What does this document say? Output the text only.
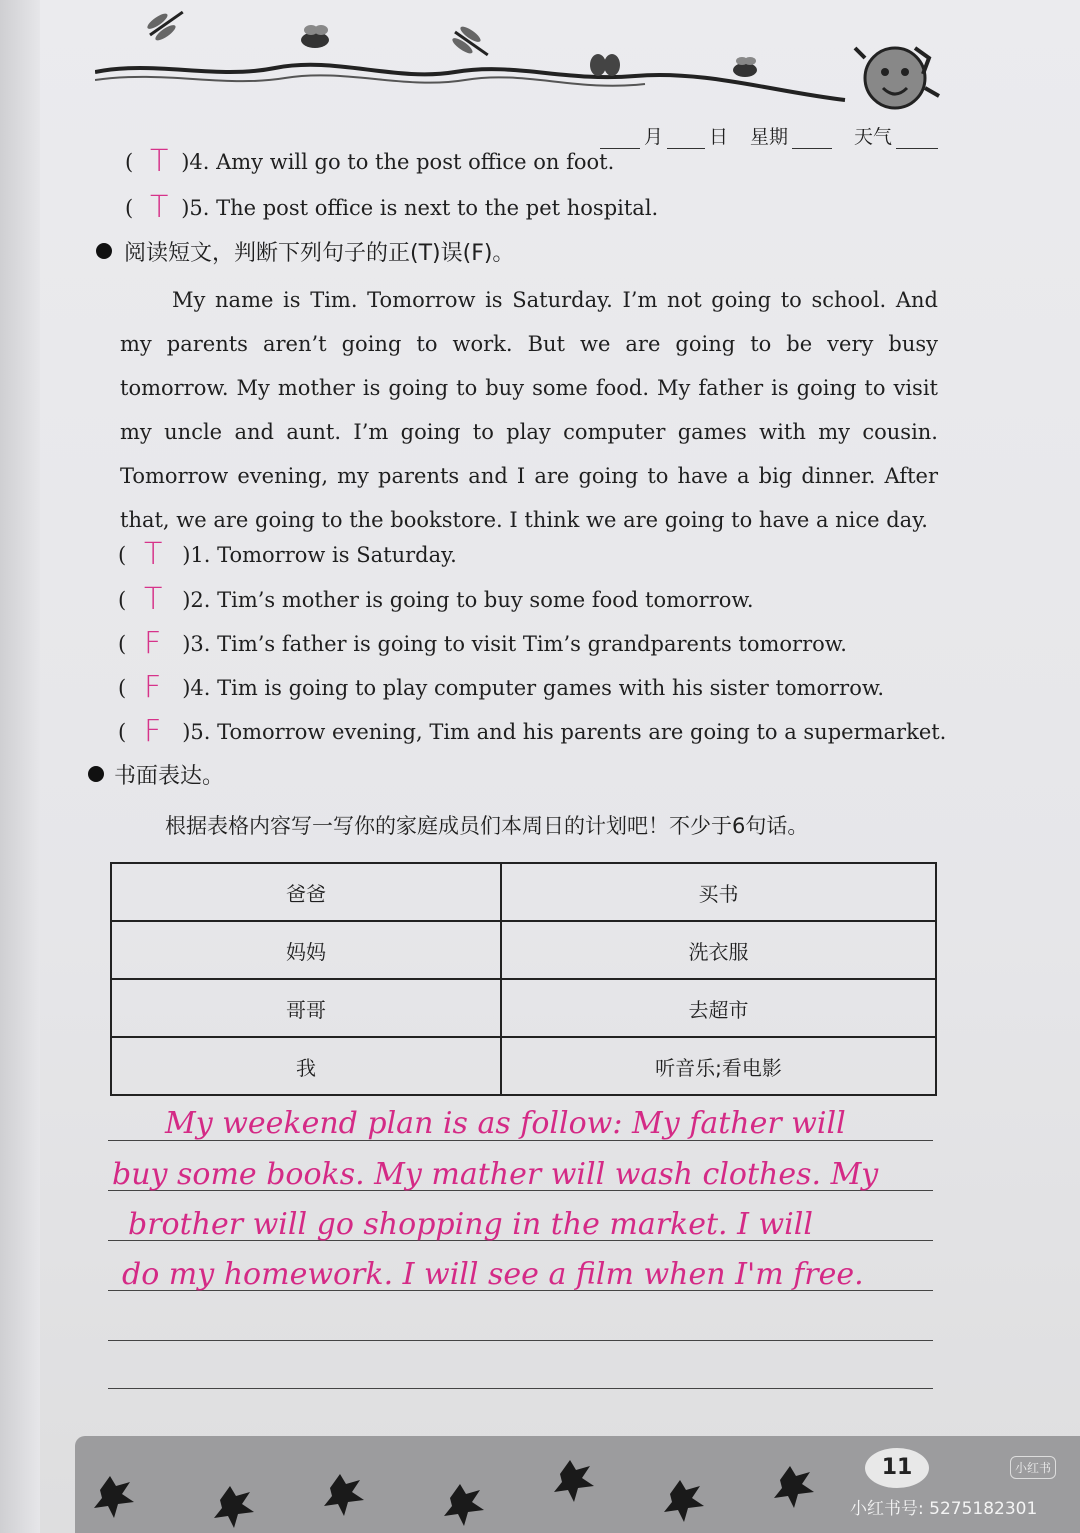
月 日 星期	天气
( )4. Amy will go to the post office on foot.
T
( )5. The post office is next to the pet hospital.
T
阅读短文，判断下列句子的正(T)误(F)。
My name is Tim. Tomorrow is Saturday. I’m not going to school. And my parents aren’t going to work. But we are going to be very busy tomorrow. My mother is going to buy some food. My father is going to visit my uncle and aunt. I’m going to play computer games with my cousin. Tomorrow evening, my parents and I are going to have a big dinner. After that, we are going to the bookstore. I think we are going to have a nice day.
(	)1. Tomorrow is Saturday.
T
(	)2. Tim’s mother is going to buy some food tomorrow.
T
(	)3. Tim’s father is going to visit Tim’s grandparents tomorrow.
F
(	)4. Tim is going to play computer games with his sister tomorrow.
F
(	)5. Tomorrow evening, Tim and his parents are going to a supermarket.
F
书面表达。
根据表格内容写一写你的家庭成员们本周日的计划吧！不少于6句话。
爸爸	买书
妈妈	洗衣服
哥哥	去超市
我	听音乐;看电影
My weekend plan is as follow: My father will
buy some books. My mather will wash clothes. My
brother will go shopping in the market. I will
do my homework. I will see a film when I'm free.
11	小红书
小红书号: 5275182301
